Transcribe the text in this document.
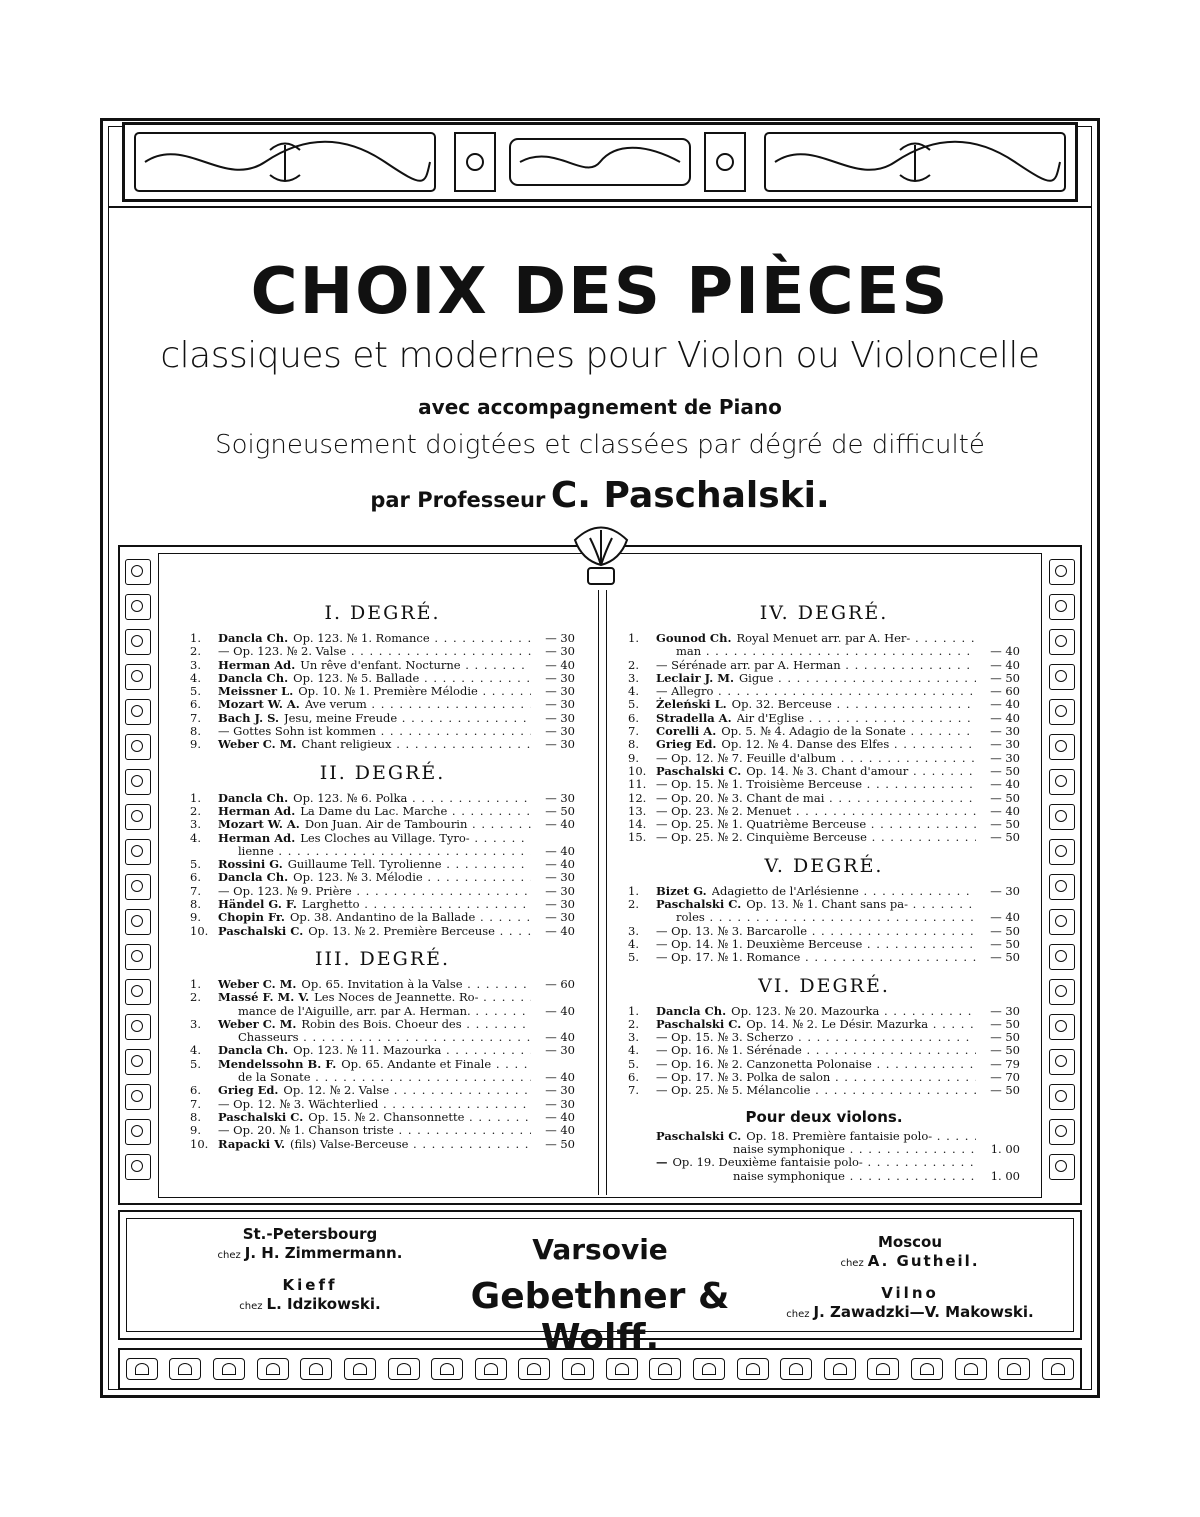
CHOIX DES PIÈCES
classiques et modernes pour Violon ou Violoncelle
avec accompagnement de Piano
Soigneusement doigtées et classées par dégré de difficulté
par Professeur C. Paschalski.
I. DEGRÉ.
1.	Dancla Ch. Op. 123. № 1. Romance . . .	— 30
2.	— Op. 123. № 2. Valse . . .	— 30
3.	Herman Ad. Un rêve d'enfant. Nocturne . . .	— 40
4.	Dancla Ch. Op. 123. № 5. Ballade . . .	— 30
5.	Meissner L. Op. 10. № 1. Première Mélodie . . .	— 30
6.	Mozart W. A. Ave verum . . .	— 30
7.	Bach J. S. Jesu, meine Freude . . .	— 30
8.	— Gottes Sohn ist kommen . . .	— 30
9.	Weber C. M. Chant religieux . . .	— 30
II. DEGRÉ.
1.	Dancla Ch. Op. 123. № 6. Polka . . .	— 30
2.	Herman Ad. La Dame du Lac. Marche . . .	— 50
3.	Mozart W. A. Don Juan. Air de Tambourin . . .	— 40
4.	Herman Ad. Les Cloches au Village. Tyro- . . .
lienne . . .	— 40
5.	Rossini G. Guillaume Tell. Tyrolienne . . .	— 40
6.	Dancla Ch. Op. 123. № 3. Mélodie . . .	— 30
7.	— Op. 123. № 9. Prière . . .	— 30
8.	Händel G. F. Larghetto . . .	— 30
9.	Chopin Fr. Op. 38. Andantino de la Ballade . . .	— 30
10. Paschalski C. Op. 13. № 2. Première Berceuse . . .	— 40
III. DEGRÉ.
1.	Weber C. M. Op. 65. Invitation à la Valse . . .	— 60
2.	Massé F. M. V. Les Noces de Jeannette. Ro- . . .
mance de l'Aiguille, arr. par A. Herman. . . .	— 40
3.	Weber C. M. Robin des Bois. Choeur des . . .
Chasseurs . . .	— 40
4.	Dancla Ch. Op. 123. № 11. Mazourka . . .	— 30
5.	Mendelssohn B. F. Op. 65. Andante et Finale . . .
de la Sonate . . .	— 40
6.	Grieg Ed. Op. 12. № 2. Valse . . .	— 30
7.	— Op. 12. № 3. Wächterlied . . .	— 30
8.	Paschalski C. Op. 15. № 2. Chansonnette . . .	— 40
9.	— Op. 20. № 1. Chanson triste . . .	— 40
10. Rapacki V. (fils) Valse-Berceuse . . .	— 50
IV. DEGRÉ.
1.	Gounod Ch. Royal Menuet arr. par A. Her- . . .
man . . .	— 40
2.	— Sérénade arr. par A. Herman . . .	— 40
3.	Leclair J. M. Gigue . . .	— 50
4.	— Allegro . . .	— 60
5.	Żeleński L. Op. 32. Berceuse . . .	— 40
6.	Stradella A. Air d'Eglise . . .	— 40
7.	Corelli A. Op. 5. № 4. Adagio de la Sonate . . .	— 30
8.	Grieg Ed. Op. 12. № 4. Danse des Elfes . . .	— 30
9.	— Op. 12. № 7. Feuille d'album . . .	— 30
10. Paschalski C. Op. 14. № 3. Chant d'amour . . .	— 50
11. — Op. 15. № 1. Troisième Berceuse . . .	— 40
12. — Op. 20. № 3. Chant de mai . . .	— 50
13. — Op. 23. № 2. Menuet . . .	— 40
14. — Op. 25. № 1. Quatrième Berceuse . . .	— 50
15. — Op. 25. № 2. Cinquième Berceuse . . .	— 50
V. DEGRÉ.
1.	Bizet G. Adagietto de l'Arlésienne . . .	— 30
2.	Paschalski C. Op. 13. № 1. Chant sans pa- . . .
roles . . .	— 40
3.	— Op. 13. № 3. Barcarolle . . .	— 50
4.	— Op. 14. № 1. Deuxième Berceuse . . .	— 50
5.	— Op. 17. № 1. Romance . . .	— 50
VI. DEGRÉ.
1.	Dancla Ch. Op. 123. № 20. Mazourka . . .	— 30
2.	Paschalski C. Op. 14. № 2. Le Désir. Mazurka . . .	— 50
3.	— Op. 15. № 3. Scherzo . . .	— 50
4.	— Op. 16. № 1. Sérénade . . .	— 50
5.	— Op. 16. № 2. Canzonetta Polonaise . . .	— 79
6.	— Op. 17. № 3. Polka de salon . . .	— 70
7.	— Op. 25. № 5. Mélancolie . . .	— 50
Pour deux violons.
Paschalski C. Op. 18. Première fantaisie polo- . . .
naise symphonique . . .	1. 00
— Op. 19. Deuxième fantaisie polo- . . .
naise symphonique . . .	1. 00
St.-Petersbourg
chez J. H. Zimmermann.
Kieff
chez L. Idzikowski.
Varsovie
Gebethner & Wolff.
Moscou
chez A. Gutheil.
Vilno
chez J. Zawadzki—V. Makowski.
